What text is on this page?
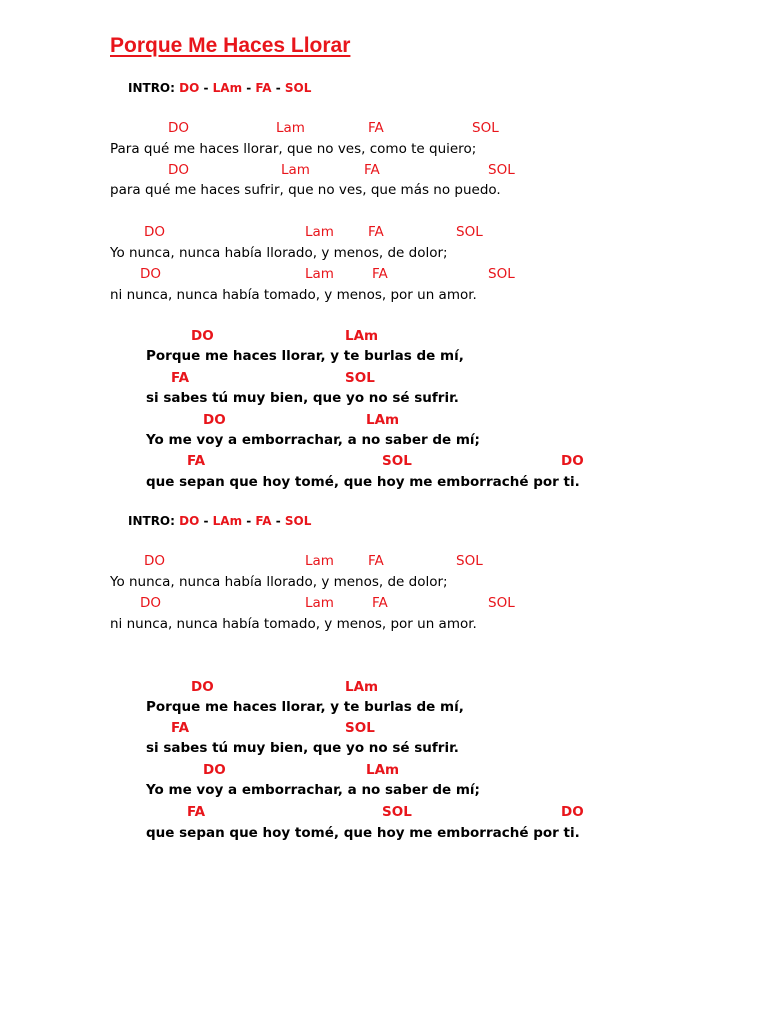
Porque Me Haces Llorar
INTRO: DO - LAm - FA - SOL
DO	Lam	FA	SOL
Para qué me haces llorar, que no ves, como te quiero;
DO	Lam	FA	SOL
para qué me haces sufrir, que no ves, que más no puedo.
DO	Lam	FA	SOL
Yo nunca, nunca había llorado, y menos, de dolor;
DO	Lam	FA	SOL
ni nunca, nunca había tomado, y menos, por un amor.
DO	LAm
Porque me haces llorar, y te burlas de mí,
FA	SOL
si sabes tú muy bien, que yo no sé sufrir.
DO	LAm
Yo me voy a emborrachar, a no saber de mí;
FA	SOL	DO
que sepan que hoy tomé, que hoy me emborraché por ti.
INTRO: DO - LAm - FA - SOL
DO	Lam	FA	SOL
Yo nunca, nunca había llorado, y menos, de dolor;
DO	Lam	FA	SOL
ni nunca, nunca había tomado, y menos, por un amor.
DO	LAm
Porque me haces llorar, y te burlas de mí,
FA	SOL
si sabes tú muy bien, que yo no sé sufrir.
DO	LAm
Yo me voy a emborrachar, a no saber de mí;
FA	SOL	DO
que sepan que hoy tomé, que hoy me emborraché por ti.
